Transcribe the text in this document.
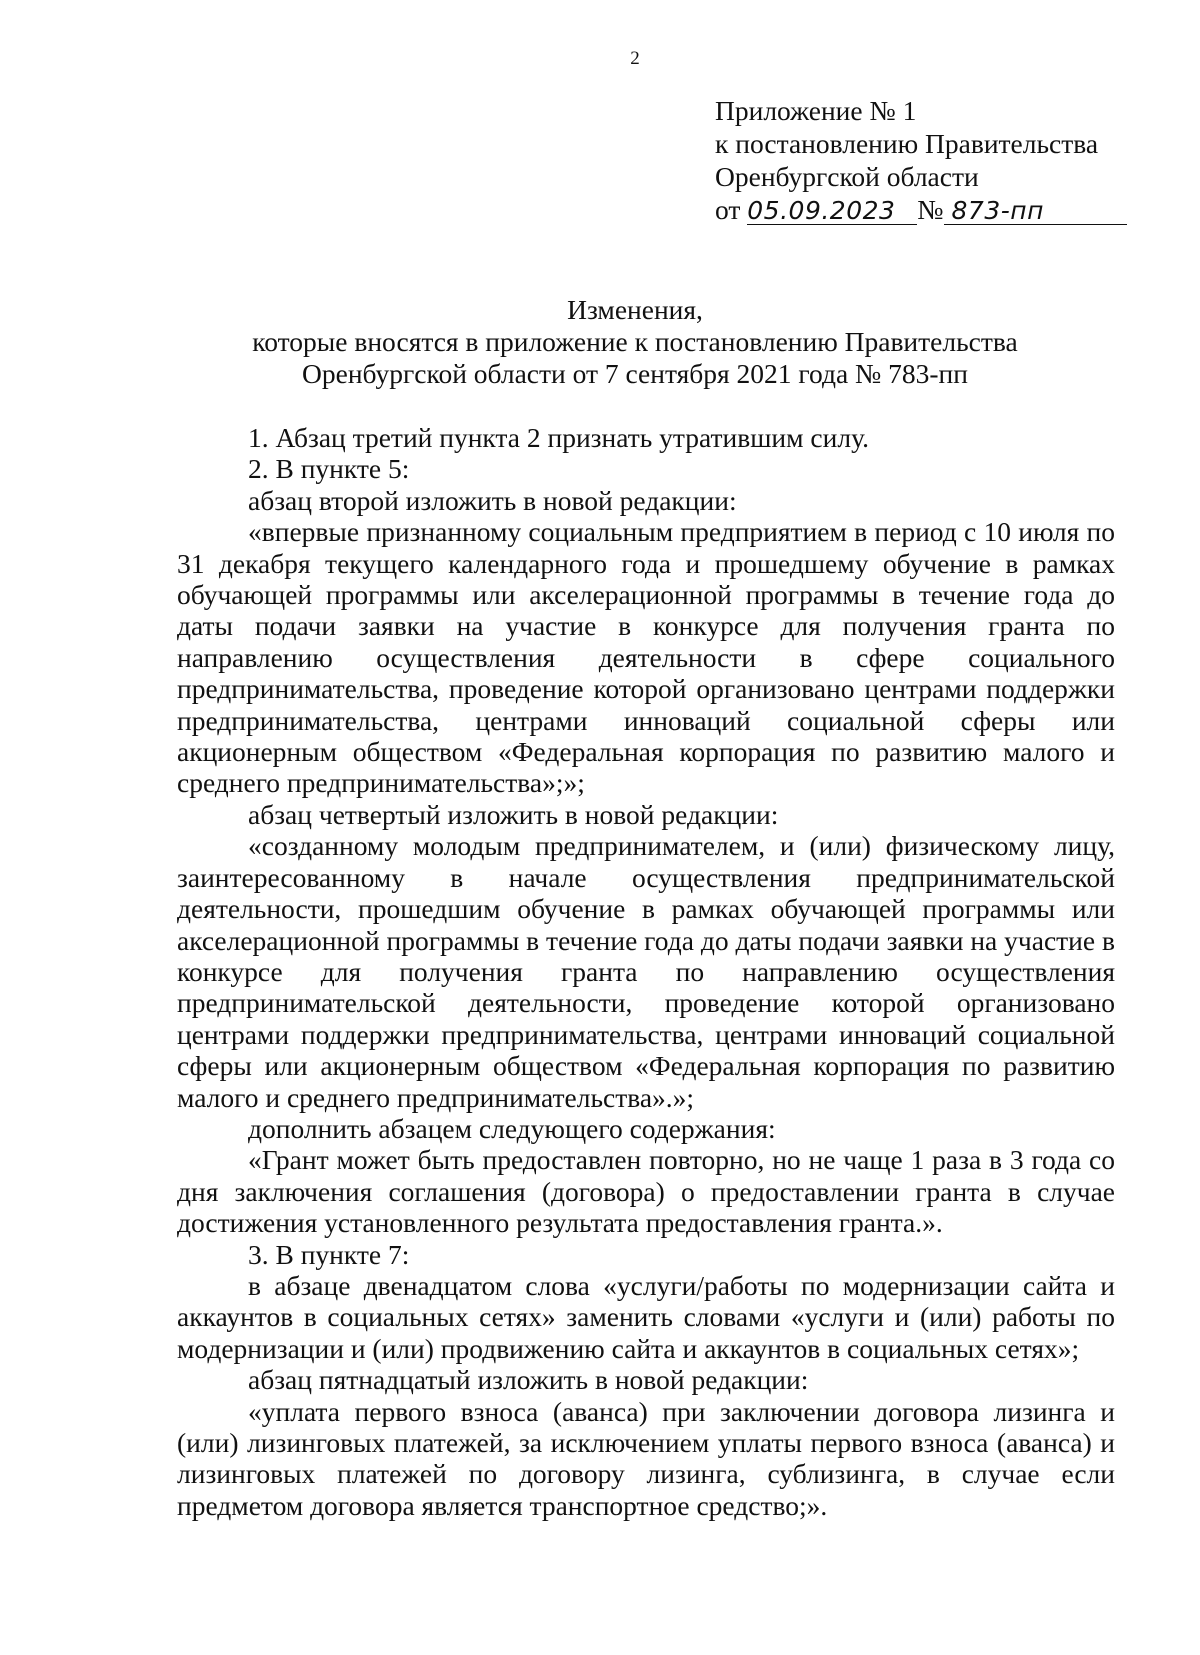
2
Приложение № 1
к постановлению Правительства
Оренбургской области
от 05.09.2023 № 873-пп
Изменения,
которые вносятся в приложение к постановлению Правительства
Оренбургской области от 7 сентября 2021 года № 783-пп

1. Абзац третий пункта 2 признать утратившим силу.

2. В пункте 5:

абзац второй изложить в новой редакции:

«впервые признанному социальным предприятием в период с 10 июля по 31 декабря текущего календарного года и прошедшему обучение в рамках обучающей программы или акселерационной программы в течение года до даты подачи заявки на участие в конкурсе для получения гранта по направлению осуществления деятельности в сфере социального предпринимательства, проведение которой организовано центрами поддержки предпринимательства, центрами инноваций социальной сферы или акционерным обществом «Федеральная корпорация по развитию малого и среднего предпринимательства»;»;

абзац четвертый изложить в новой редакции:

«созданному молодым предпринимателем, и (или) физическому лицу, заинтересованному в начале осуществления предпринимательской деятельности, прошедшим обучение в рамках обучающей программы или акселерационной программы в течение года до даты подачи заявки на участие в конкурсе для получения гранта по направлению осуществления предпринимательской деятельности, проведение которой организовано центрами поддержки предпринимательства, центрами инноваций социальной сферы или акционерным обществом «Федеральная корпорация по развитию малого и среднего предпринимательства».»;

дополнить абзацем следующего содержания:

«Грант может быть предоставлен повторно, но не чаще 1 раза в 3 года со дня заключения соглашения (договора) о предоставлении гранта в случае достижения установленного результата предоставления гранта.».

3. В пункте 7:

в абзаце двенадцатом слова «услуги/работы по модернизации сайта и аккаунтов в социальных сетях» заменить словами «услуги и (или) работы по модернизации и (или) продвижению сайта и аккаунтов в социальных сетях»;

абзац пятнадцатый изложить в новой редакции:

«уплата первого взноса (аванса) при заключении договора лизинга и (или) лизинговых платежей, за исключением уплаты первого взноса (аванса) и лизинговых платежей по договору лизинга, сублизинга, в случае если предметом договора является транспортное средство;».
